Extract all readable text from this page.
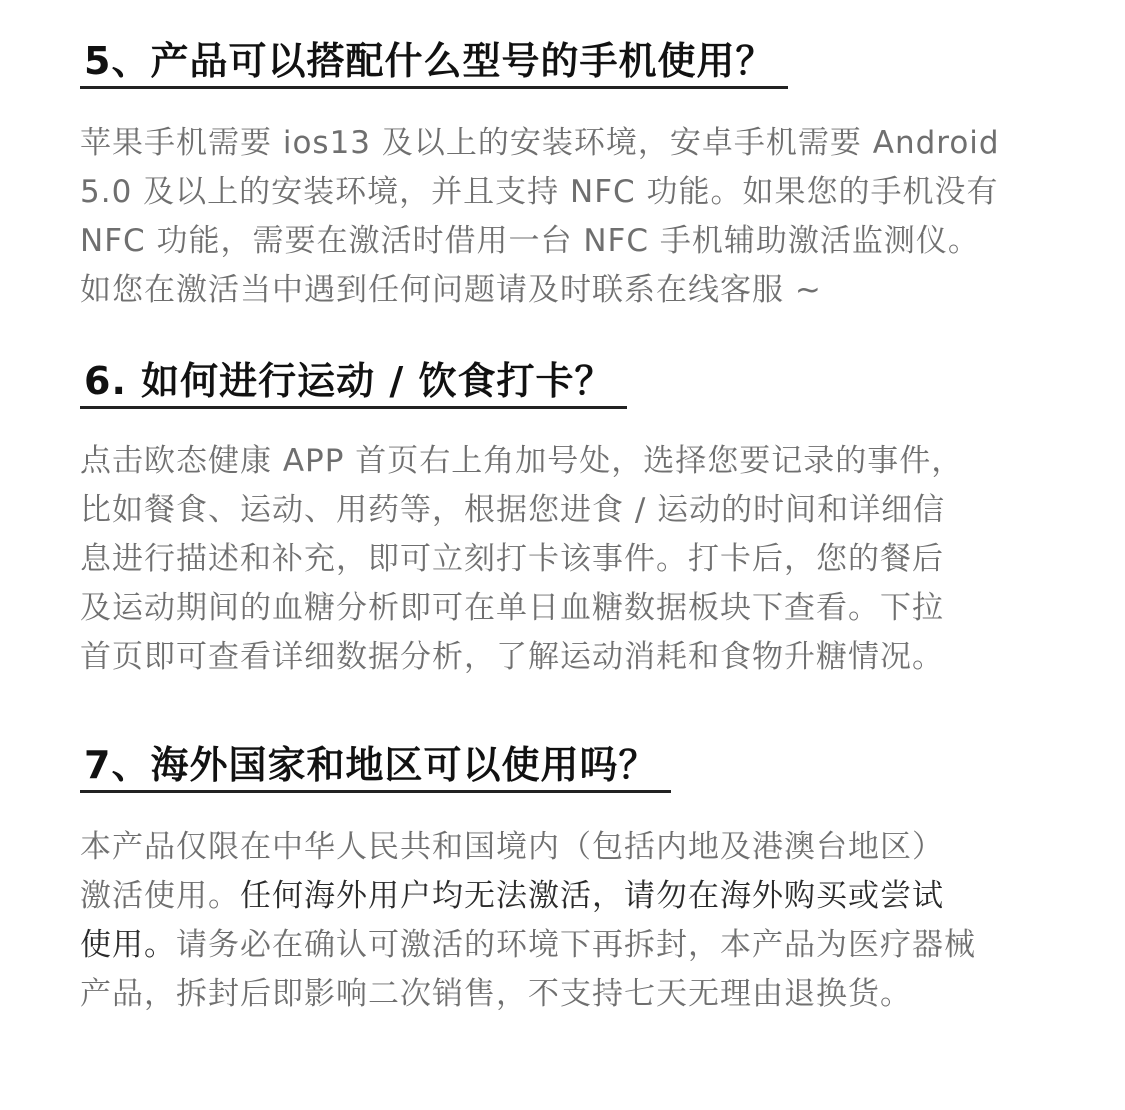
5、产品可以搭配什么型号的手机使用？
苹果手机需要 ios13 及以上的安装环境，安卓手机需要 Android
5.0 及以上的安装环境，并且支持 NFC 功能。如果您的手机没有
NFC 功能，需要在激活时借用一台 NFC 手机辅助激活监测仪。
如您在激活当中遇到任何问题请及时联系在线客服 ~
6. 如何进行运动 / 饮食打卡？
点击欧态健康 APP 首页右上角加号处，选择您要记录的事件，
比如餐食、运动、用药等，根据您进食 / 运动的时间和详细信
息进行描述和补充，即可立刻打卡该事件。打卡后，您的餐后
及运动期间的血糖分析即可在单日血糖数据板块下查看。下拉
首页即可查看详细数据分析，了解运动消耗和食物升糖情况。
7、海外国家和地区可以使用吗？
本产品仅限在中华人民共和国境内（包括内地及港澳台地区）
激活使用。任何海外用户均无法激活，请勿在海外购买或尝试
使用。请务必在确认可激活的环境下再拆封，本产品为医疗器械
产品，拆封后即影响二次销售，不支持七天无理由退换货。
